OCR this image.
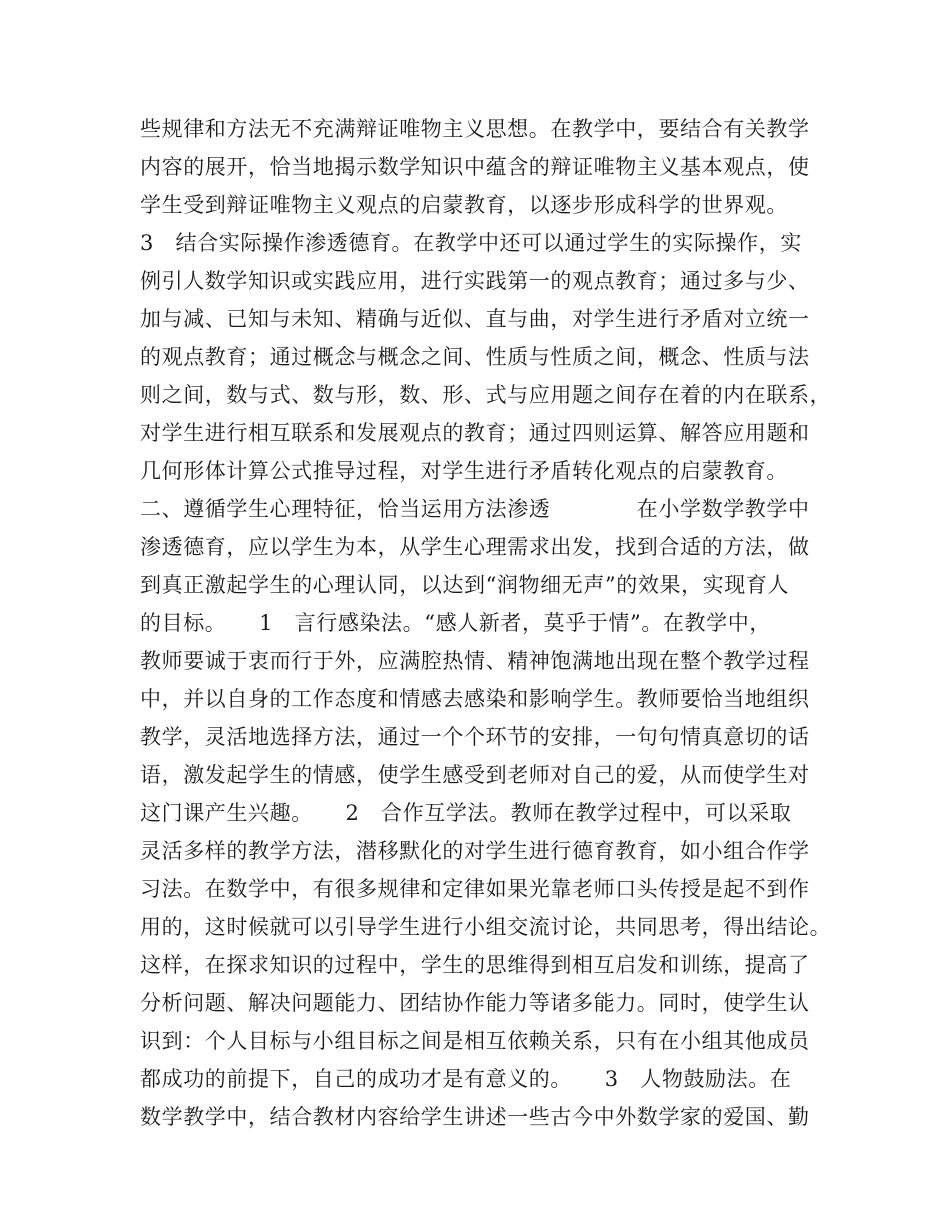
些规律和方法无不充满辩证唯物主义思想。在教学中，要结合有关教学
内容的展开，恰当地揭示数学知识中蕴含的辩证唯物主义基本观点，使
学生受到辩证唯物主义观点的启蒙教育，以逐步形成科学的世界观。
3　结合实际操作渗透德育。在教学中还可以通过学生的实际操作，实
例引人数学知识或实践应用，进行实践第一的观点教育；通过多与少、
加与减、已知与未知、精确与近似、直与曲，对学生进行矛盾对立统一
的观点教育；通过概念与概念之间、性质与性质之间，概念、性质与法
则之间，数与式、数与形，数、形、式与应用题之间存在着的内在联系，
对学生进行相互联系和发展观点的教育；通过四则运算、解答应用题和
几何形体计算公式推导过程，对学生进行矛盾转化观点的启蒙教育。
二、遵循学生心理特征，恰当运用方法渗透　　　　在小学数学教学中
渗透德育，应以学生为本，从学生心理需求出发，找到合适的方法，做
到真正激起学生的心理认同，以达到“润物细无声”的效果，实现育人
的目标。　　1　言行感染法。“感人新者，莫乎于情”。在教学中，
教师要诚于衷而行于外，应满腔热情、精神饱满地出现在整个教学过程
中，并以自身的工作态度和情感去感染和影响学生。教师要恰当地组织
教学，灵活地选择方法，通过一个个环节的安排，一句句情真意切的话
语，激发起学生的情感，使学生感受到老师对自己的爱，从而使学生对
这门课产生兴趣。　　2　合作互学法。教师在教学过程中，可以采取
灵活多样的教学方法，潜移默化的对学生进行德育教育，如小组合作学
习法。在数学中，有很多规律和定律如果光靠老师口头传授是起不到作
用的，这时候就可以引导学生进行小组交流讨论，共同思考，得出结论。
这样，在探求知识的过程中，学生的思维得到相互启发和训练，提高了
分析问题、解决问题能力、团结协作能力等诸多能力。同时，使学生认
识到：个人目标与小组目标之间是相互依赖关系，只有在小组其他成员
都成功的前提下，自己的成功才是有意义的。　　3　人物鼓励法。在
数学教学中，结合教材内容给学生讲述一些古今中外数学家的爱国、勤
